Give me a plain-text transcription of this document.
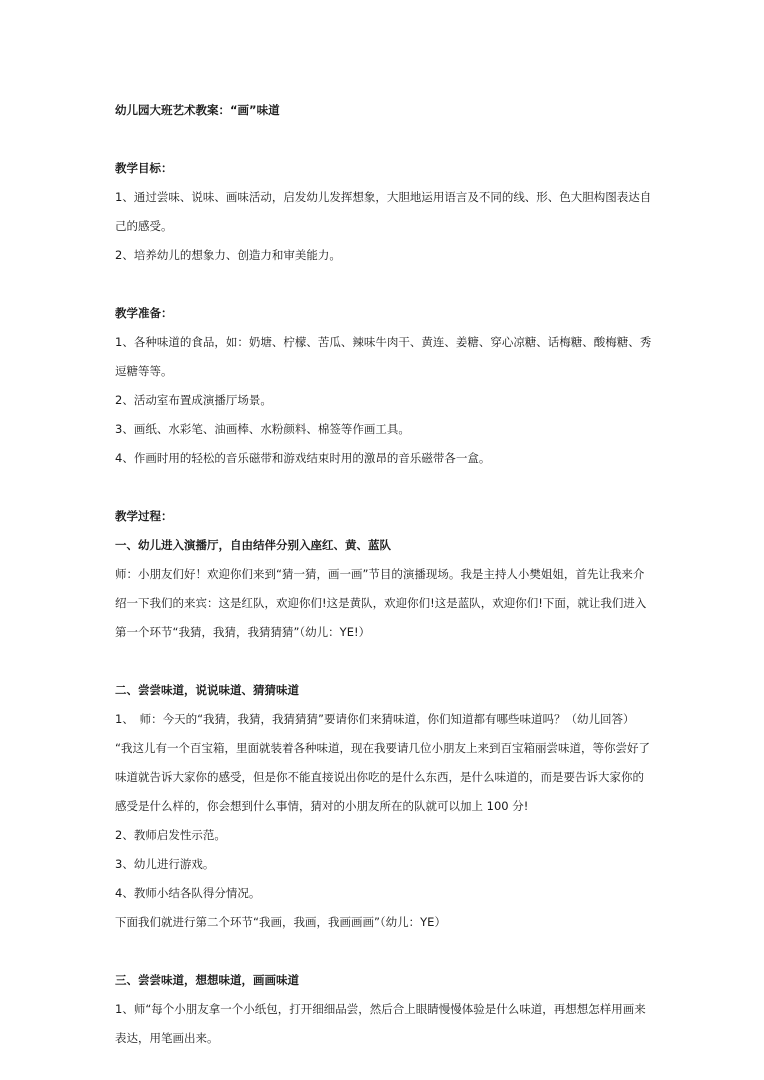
幼儿园大班艺术教案：“画”味道
教学目标：
1、通过尝味、说味、画味活动，启发幼儿发挥想象，大胆地运用语言及不同的线、形、色大胆构图表达自己的感受。
2、培养幼儿的想象力、创造力和审美能力。
教学准备：
1、各种味道的食品，如：奶塘、柠檬、苦瓜、辣味牛肉干、黄连、姜糖、穿心凉糖、话梅糖、酸梅糖、秀逗糖等等。
2、活动室布置成演播厅场景。
3、画纸、水彩笔、油画棒、水粉颜料、棉签等作画工具。
4、作画时用的轻松的音乐磁带和游戏结束时用的激昂的音乐磁带各一盒。
教学过程：
一、幼儿进入演播厅，自由结伴分别入座红、黄、蓝队
师：小朋友们好！欢迎你们来到“猜一猜，画一画”节目的演播现场。我是主持人小樊姐姐，首先让我来介绍一下我们的来宾：这是红队，欢迎你们!这是黄队，欢迎你们!这是蓝队，欢迎你们!下面，就让我们进入第一个环节“我猜，我猜，我猜猜猜”（幼儿：YE!）
二、尝尝味道，说说味道、猜猜味道
1、　师：今天的“我猜，我猜，我猜猜猜”要请你们来猜味道，你们知道都有哪些味道吗？（幼儿回答）
“我这儿有一个百宝箱，里面就装着各种味道，现在我要请几位小朋友上来到百宝箱丽尝味道，等你尝好了味道就告诉大家你的感受，但是你不能直接说出你吃的是什么东西，是什么味道的，而是要告诉大家你的感受是什么样的，你会想到什么事情，猜对的小朋友所在的队就可以加上 100 分!
2、教师启发性示范。
3、幼儿进行游戏。
4、教师小结各队得分情况。
下面我们就进行第二个环节“我画，我画，我画画画”（幼儿：YE）
三、尝尝味道，想想味道，画画味道
1、师“每个小朋友拿一个小纸包，打开细细品尝，然后合上眼睛慢慢体验是什么味道，再想想怎样用画来表达，用笔画出来。
